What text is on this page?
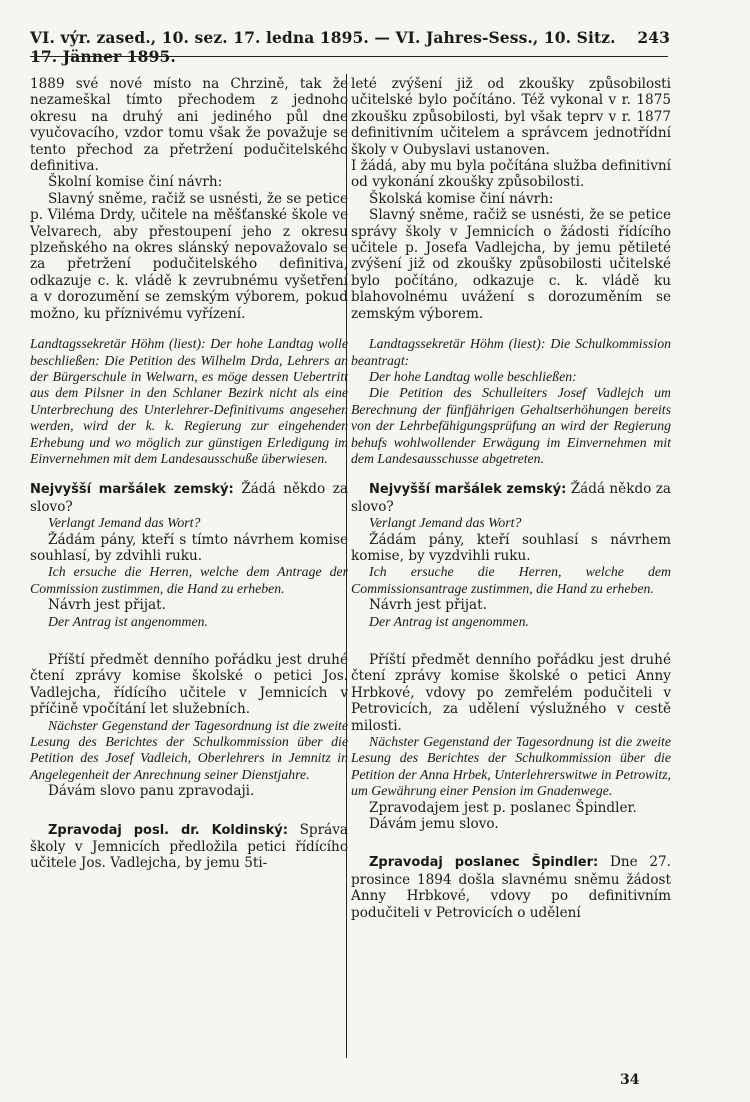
VI. výr. zased., 10. sez. 17. ledna 1895. — VI. Jahres-Sess., 10. Sitz. 17. Jänner 1895.
243

1889 své nové místo na Chrzině, tak že nezameškal tímto přechodem z jednoho okresu na druhý ani jediného půl dne vyučovacího, vzdor tomu však že považuje se tento přechod za přetržení podučitelského definitiva.

Školní komise činí návrh:

Slavný sněme, račiž se usnésti, že se petice p. Viléma Drdy, učitele na měšťanské škole ve Velvarech, aby přestoupení jeho z okresu plzeňského na okres slánský nepovažovalo se za přetržení podučitelského definitiva, odkazuje c. k. vládě k zevrubnému vyšetření a v dorozumění se zemským výborem, pokud možno, ku příznivému vyřízení.

Landtagssekretär Höhm (liest): Der hohe Landtag wolle beschließen: Die Petition des Wilhelm Drda, Lehrers an der Bürgerschule in Welwarn, es möge dessen Uebertritt aus dem Pilsner in den Schlaner Bezirk nicht als eine Unterbrechung des Unterlehrer-Definitivums angesehen werden, wird der k. k. Regierung zur eingehenden Erhebung und wo möglich zur günstigen Erledigung im Einvernehmen mit dem Landesausschuße überwiesen.

Nejvyšší maršálek zemský: Žádá někdo za slovo?

Verlangt Jemand das Wort?

Žádám pány, kteří s tímto návrhem komise souhlasí, by zdvihli ruku.

Ich ersuche die Herren, welche dem Antrage der Commission zustimmen, die Hand zu erheben.

Návrh jest přijat.

Der Antrag ist angenommen.

Příští předmět denního pořádku jest druhé čtení zprávy komise školské o petici Jos. Vadlejcha, řídícího učitele v Jemnicích v příčině vpočítání let služebních.

Nächster Gegenstand der Tagesordnung ist die zweite Lesung des Berichtes der Schulkommission über die Petition des Josef Vadleich, Oberlehrers in Jemnitz in Angelegenheit der Anrechnung seiner Dienstjahre.

Dávám slovo panu zpravodaji.

Zpravodaj posl. dr. Koldinský: Správa školy v Jemnicích předložila petici řídícího učitele Jos. Vadlejcha, by jemu 5ti-

leté zvýšení již od zkoušky způsobilosti učitelské bylo počítáno. Též vykonal v r. 1875 zkoušku způsobilosti, byl však teprv v r. 1877 definitivním učitelem a správcem jednotřídní školy v Oubyslavi ustanoven.

I žádá, aby mu byla počítána služba definitivní od vykonání zkoušky způsobilosti.

Školská komise činí návrh:

Slavný sněme, račiž se usnésti, že se petice správy školy v Jemnicích o žádosti řídícího učitele p. Josefa Vadlejcha, by jemu pětileté zvýšení již od zkoušky způsobilosti učitelské bylo počítáno, odkazuje c. k. vládě ku blahovolnému uvážení s dorozuměním se zemským výborem.

Landtagssekretär Höhm (liest): Die Schulkommission beantragt:

Der hohe Landtag wolle beschließen:

Die Petition des Schulleiters Josef Vadlejch um Berechnung der fünfjährigen Gehaltserhöhungen bereits von der Lehrbefähigungsprüfung an wird der Regierung behufs wohlwollender Erwägung im Einvernehmen mit dem Landesausschusse abgetreten.

Nejvyšší maršálek zemský: Žádá někdo za slovo?

Verlangt Jemand das Wort?

Žádám pány, kteří souhlasí s návrhem komise, by vyzdvihli ruku.

Ich ersuche die Herren, welche dem Commissionsantrage zustimmen, die Hand zu erheben.

Návrh jest přijat.

Der Antrag ist angenommen.

Příští předmět denního pořádku jest druhé čtení zprávy komise školské o petici Anny Hrbkové, vdovy po zemřelém podučiteli v Petrovicích, za udělení výslužného v cestě milosti.

Nächster Gegenstand der Tagesordnung ist die zweite Lesung des Berichtes der Schulkommission über die Petition der Anna Hrbek, Unterlehrerswitwe in Petrowitz, um Gewährung einer Pension im Gnadenwege.

Zpravodajem jest p. poslanec Špindler.

Dávám jemu slovo.

Zpravodaj poslanec Špindler: Dne 27. prosince 1894 došla slavnému sněmu žádost Anny Hrbkové, vdovy po definitivním podučiteli v Petrovicích o udělení

34
